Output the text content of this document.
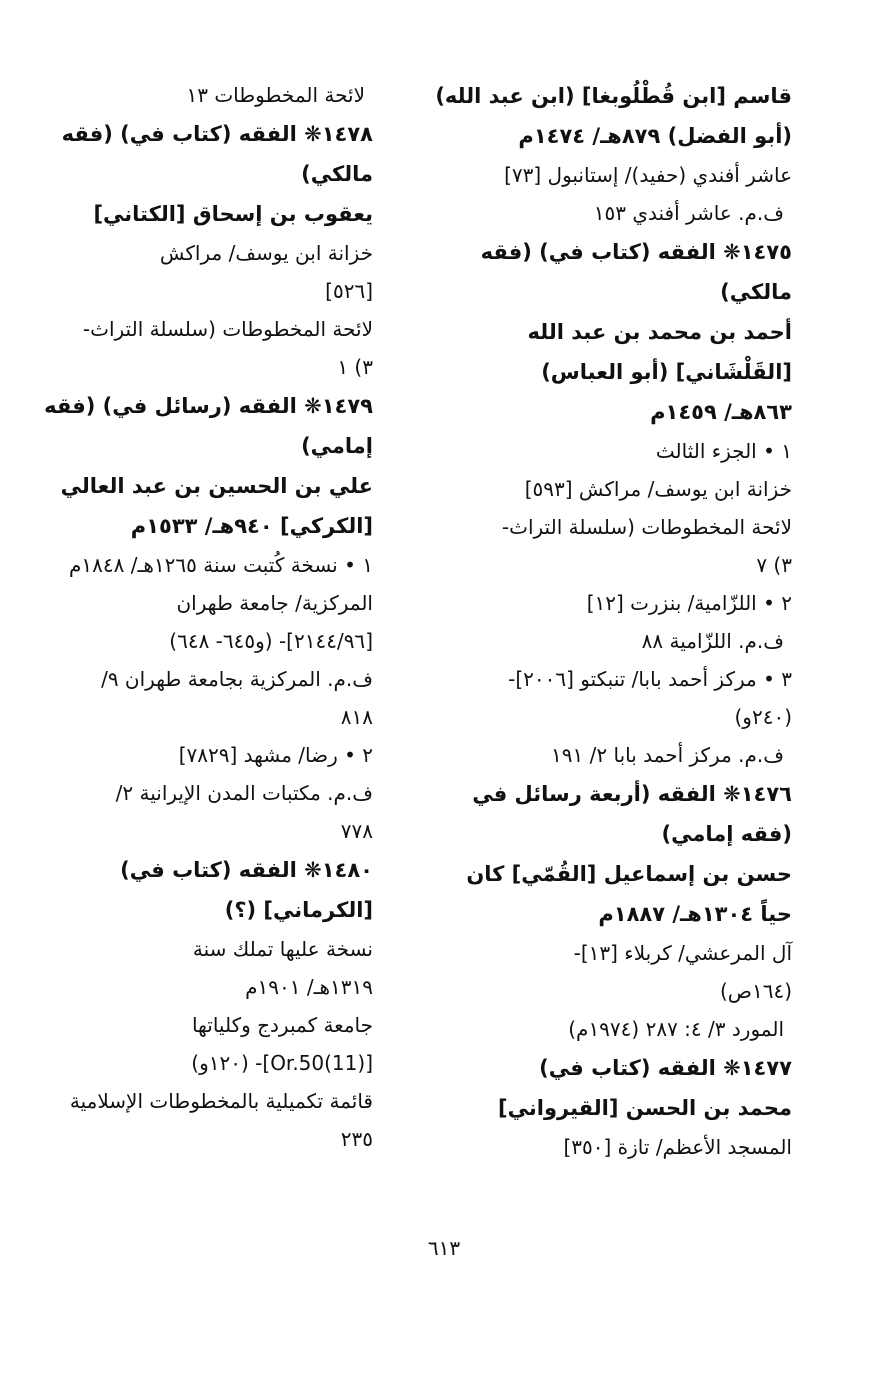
قاسم [ابن قُطْلُوبغا] (ابن عبد الله)
(أبو الفضل) ٨٧٩هـ/ ١٤٧٤م
عاشر أفندي (حفيد)/ إستانبول [٧٣]
ف.م. عاشر أفندي ١٥٣
١٤٧٥❋ الفقه (كتاب في) (فقه
مالكي)
أحمد بن محمد بن عبد الله
[القَلْشَاني] (أبو العباس)
٨٦٣هـ/ ١٤٥٩م
١ • الجزء الثالث
خزانة ابن يوسف/ مراكش [٥٩٣]
لائحة المخطوطات (سلسلة التراث-
٣) ٧
٢ • اللزّامية/ بنزرت [١٢]
ف.م. اللزّامية ٨٨
٣ • مركز أحمد بابا/ تنبكتو [٢٠٠٦]-
(٢٤٠و)
ف.م. مركز أحمد بابا ٢/ ١٩١
١٤٧٦❋ الفقه (أربعة رسائل في
(فقه إمامي)
حسن بن إسماعيل [القُمّي] كان
حياً ١٣٠٤هـ/ ١٨٨٧م
آل المرعشي/ كربلاء [١٣]-
(١٦٤ص)
المورد ٣/ ٤: ٢٨٧ (١٩٧٤م)
١٤٧٧❋ الفقه (كتاب في)
محمد بن الحسن [القيرواني]
المسجد الأعظم/ تازة [٣٥٠]
لائحة المخطوطات ١٣
١٤٧٨❋ الفقه (كتاب في) (فقه
مالكي)
يعقوب بن إسحاق [الكتاني]
خزانة ابن يوسف/ مراكش
[٥٢٦]
لائحة المخطوطات (سلسلة التراث-
٣) ١
١٤٧٩❋ الفقه (رسائل في) (فقه
إمامي)
علي بن الحسين بن عبد العالي
[الكركي] ٩٤٠هـ/ ١٥٣٣م
١ • نسخة كُتبت سنة ١٢٦٥هـ/ ١٨٤٨م
المركزية/ جامعة طهران
[٢١٤٤/٩٦]- (و٦٤٥- ٦٤٨)
ف.م. المركزية بجامعة طهران ٩/
٨١٨
٢ • رضا/ مشهد [٧٨٢٩]
ف.م. مكتبات المدن الإيرانية ٢/
٧٧٨
١٤٨٠❋ الفقه (كتاب في)
[الكرماني] (؟)
نسخة عليها تملك سنة
١٣١٩هـ/ ١٩٠١م
جامعة كمبردج وكلياتها
[Or.50(11)]- (١٢٠و)
قائمة تكميلية بالمخطوطات الإسلامية
٢٣٥
٦١٣
